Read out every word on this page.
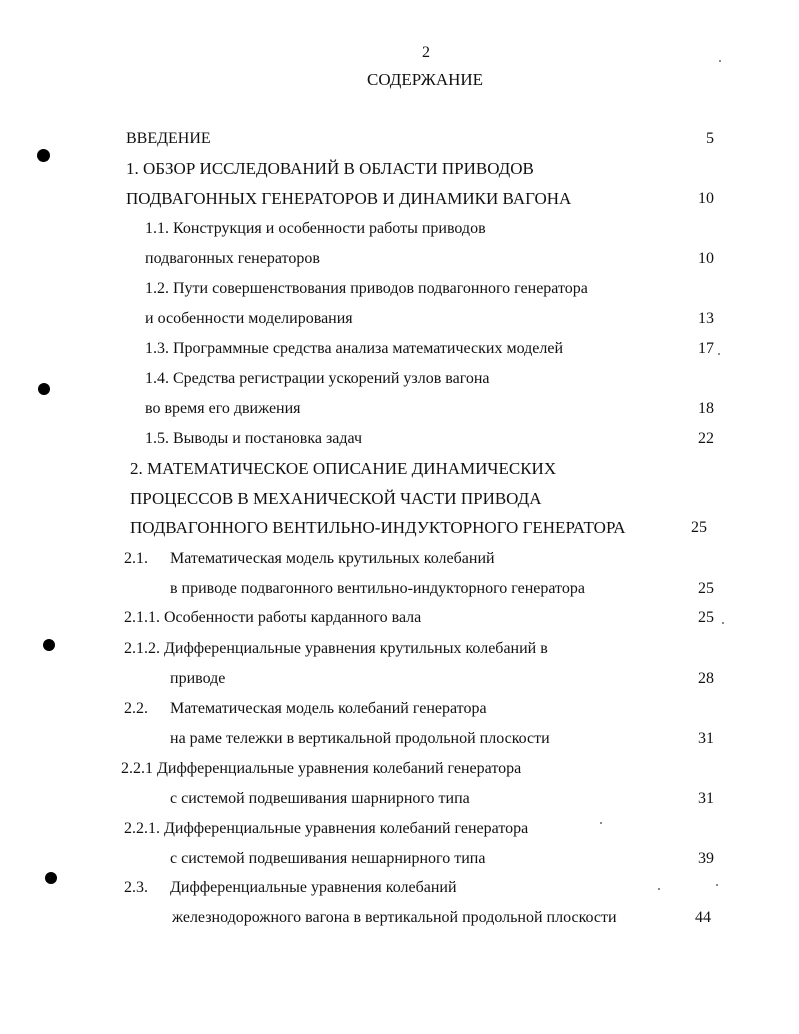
2
СОДЕРЖАНИЕ
ВВЕДЕНИЕ	5
1. ОБЗОР ИССЛЕДОВАНИЙ В ОБЛАСТИ ПРИВОДОВ
ПОДВАГОННЫХ ГЕНЕРАТОРОВ И ДИНАМИКИ ВАГОНА	10
1.1. Конструкция и особенности работы приводов
подвагонных генераторов	10
1.2. Пути совершенствования приводов подвагонного генератора
и особенности моделирования	13
1.3. Программные средства анализа математических моделей	17
1.4. Средства регистрации ускорений узлов вагона
во время его движения	18
1.5. Выводы и постановка задач	22
2. МАТЕМАТИЧЕСКОЕ ОПИСАНИЕ ДИНАМИЧЕСКИХ
ПРОЦЕССОВ В МЕХАНИЧЕСКОЙ ЧАСТИ ПРИВОДА
ПОДВАГОННОГО ВЕНТИЛЬНО-ИНДУКТОРНОГО ГЕНЕРАТОРА	25
2.1. Математическая модель крутильных колебаний
в приводе подвагонного вентильно-индукторного генератора	25
2.1.1. Особенности работы карданного вала	25
2.1.2. Дифференциальные уравнения крутильных колебаний в
приводе	28
2.2. Математическая модель колебаний генератора
на раме тележки в вертикальной продольной плоскости	31
2.2.1 Дифференциальные уравнения колебаний генератора
с системой подвешивания шарнирного типа	31
2.2.1. Дифференциальные уравнения колебаний генератора
с системой подвешивания нешарнирного типа	39
2.3. Дифференциальные уравнения колебаний
железнодорожного вагона в вертикальной продольной плоскости	44
